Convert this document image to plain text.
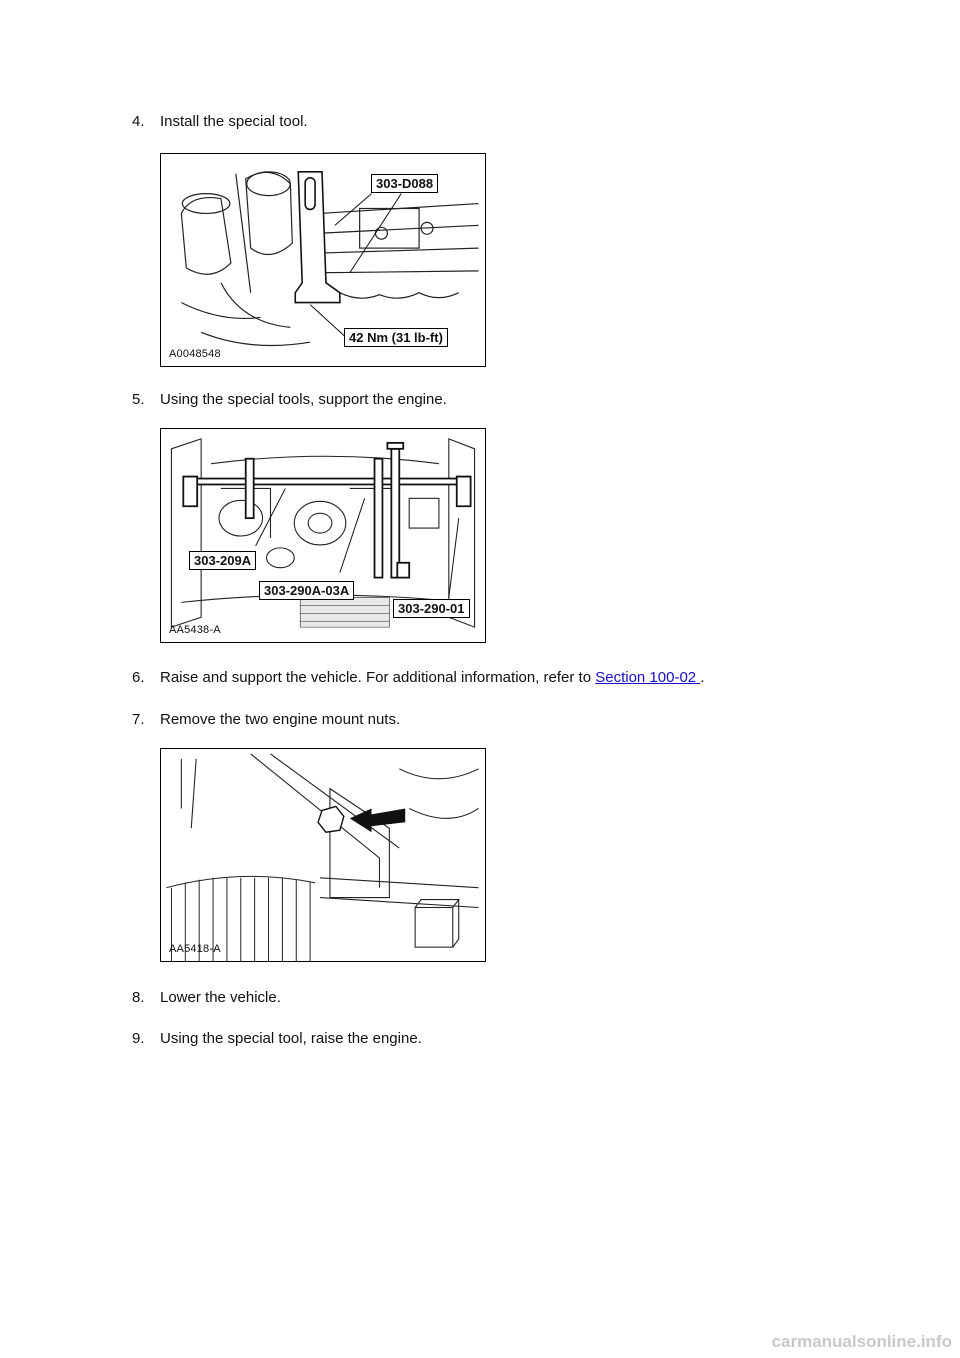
4. Install the special tool.
303-D088
42 Nm (31 lb-ft)
A0048548
5. Using the special tools, support the engine.
303-209A
303-290A-03A
303-290-01
AA5438-A
6. Raise and support the vehicle. For additional information, refer to Section 100-02 .
7. Remove the two engine mount nuts.
AA5418-A
8. Lower the vehicle.
9. Using the special tool, raise the engine.
carmanualsonline.info
